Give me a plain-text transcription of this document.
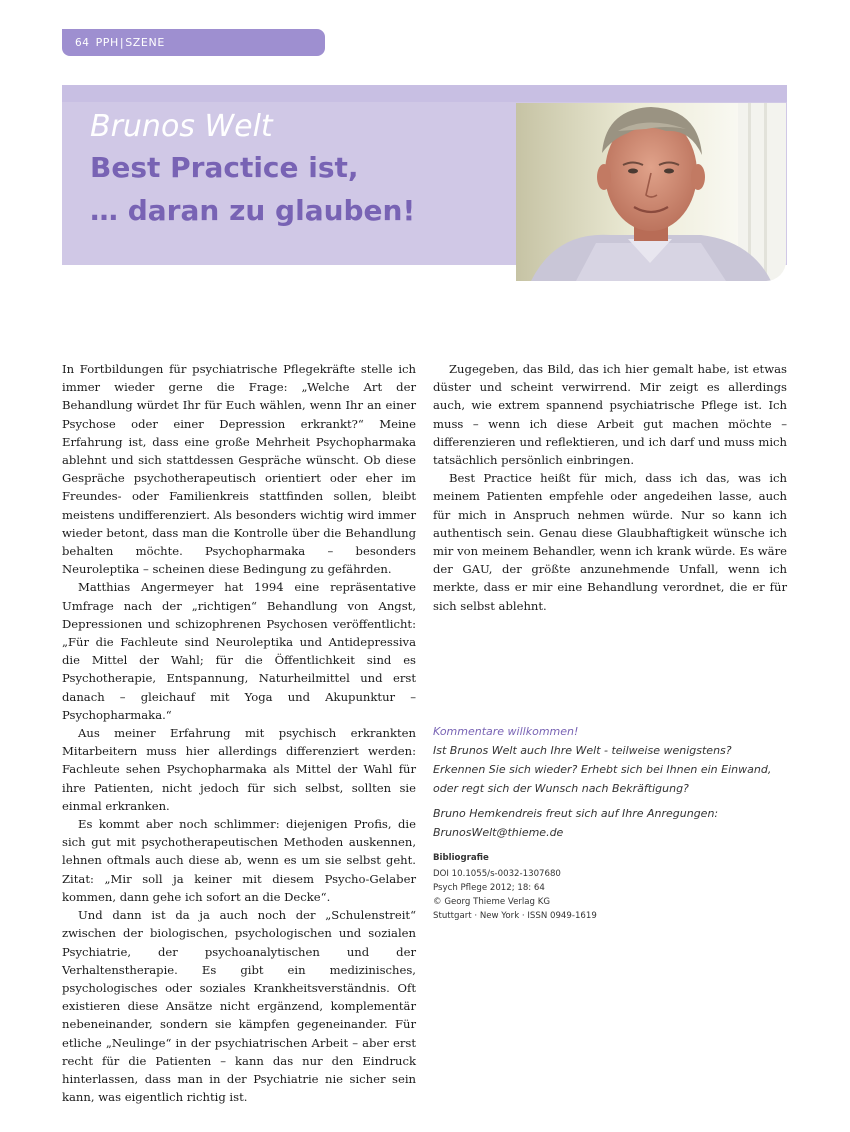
64 PPH | SZENE
Brunos Welt
Best Practice ist,
… daran zu glauben!

In Fortbildungen für psychiatrische Pflegekräfte stelle ich immer wieder gerne die Frage: „Welche Art der Behandlung würdet Ihr für Euch wählen, wenn Ihr an einer Psychose oder einer Depression erkrankt?“ Meine Erfahrung ist, dass eine große Mehrheit Psychopharmaka ablehnt und sich stattdessen Gespräche wünscht. Ob diese Gespräche psychotherapeutisch orientiert oder eher im Freundes- oder Familienkreis stattfinden sollen, bleibt meistens undifferenziert. Als besonders wichtig wird immer wieder betont, dass man die Kontrolle über die Behandlung behalten möchte. Psychopharmaka – besonders Neuroleptika – scheinen diese Bedingung zu gefährden.

Matthias Angermeyer hat 1994 eine repräsentative Umfrage nach der „richtigen“ Behandlung von Angst, Depressionen und schizophrenen Psychosen veröffentlicht: „Für die Fachleute sind Neuroleptika und Antidepressiva die Mittel der Wahl; für die Öffentlichkeit sind es Psychotherapie, Entspannung, Naturheilmittel und erst danach – gleichauf mit Yoga und Akupunktur – Psychopharmaka.“

Aus meiner Erfahrung mit psychisch erkrankten Mitarbeitern muss hier allerdings differenziert werden: Fachleute sehen Psychopharmaka als Mittel der Wahl für ihre Patienten, nicht jedoch für sich selbst, sollten sie einmal erkranken.

Es kommt aber noch schlimmer: diejenigen Profis, die sich gut mit psychotherapeutischen Methoden auskennen, lehnen oftmals auch diese ab, wenn es um sie selbst geht. Zitat: „Mir soll ja keiner mit diesem Psycho-Gelaber kommen, dann gehe ich sofort an die Decke“.

Und dann ist da ja auch noch der „Schulenstreit“ zwischen der biologischen, psychologischen und sozialen Psychiatrie, der psychoanalytischen und der Verhaltenstherapie. Es gibt ein medizinisches, psychologisches oder soziales Krankheitsverständnis. Oft existieren diese Ansätze nicht ergänzend, komplementär nebeneinander, sondern sie kämpfen gegeneinander. Für etliche „Neulinge“ in der psychiatrischen Arbeit – aber erst recht für die Patienten – kann das nur den Eindruck hinterlassen, dass man in der Psychiatrie nie sicher sein kann, was eigentlich richtig ist.

Zugegeben, das Bild, das ich hier gemalt habe, ist etwas düster und scheint verwirrend. Mir zeigt es allerdings auch, wie extrem spannend psychiatrische Pflege ist. Ich muss – wenn ich diese Arbeit gut machen möchte – differenzieren und reflektieren, und ich darf und muss mich tatsächlich persönlich einbringen.

Best Practice heißt für mich, dass ich das, was ich meinem Patienten empfehle oder angedeihen lasse, auch für mich in Anspruch nehmen würde. Nur so kann ich authentisch sein. Genau diese Glaubhaftigkeit wünsche ich mir von meinem Behandler, wenn ich krank würde. Es wäre der GAU, der größte anzunehmende Unfall, wenn ich merkte, dass er mir eine Behandlung verordnet, die er für sich selbst ablehnt.

Kommentare willkommen!
Ist Brunos Welt auch Ihre Welt - teilweise wenigstens? Erkennen Sie sich wieder? Erhebt sich bei Ihnen ein Einwand, oder regt sich der Wunsch nach Bekräftigung?
Bruno Hemkendreis freut sich auf Ihre Anregungen:
BrunosWelt@thieme.de
Bibliografie
DOI 10.1055/s-0032-1307680
Psych Pflege 2012; 18: 64
© Georg Thieme Verlag KG
Stuttgart · New York · ISSN 0949-1619
